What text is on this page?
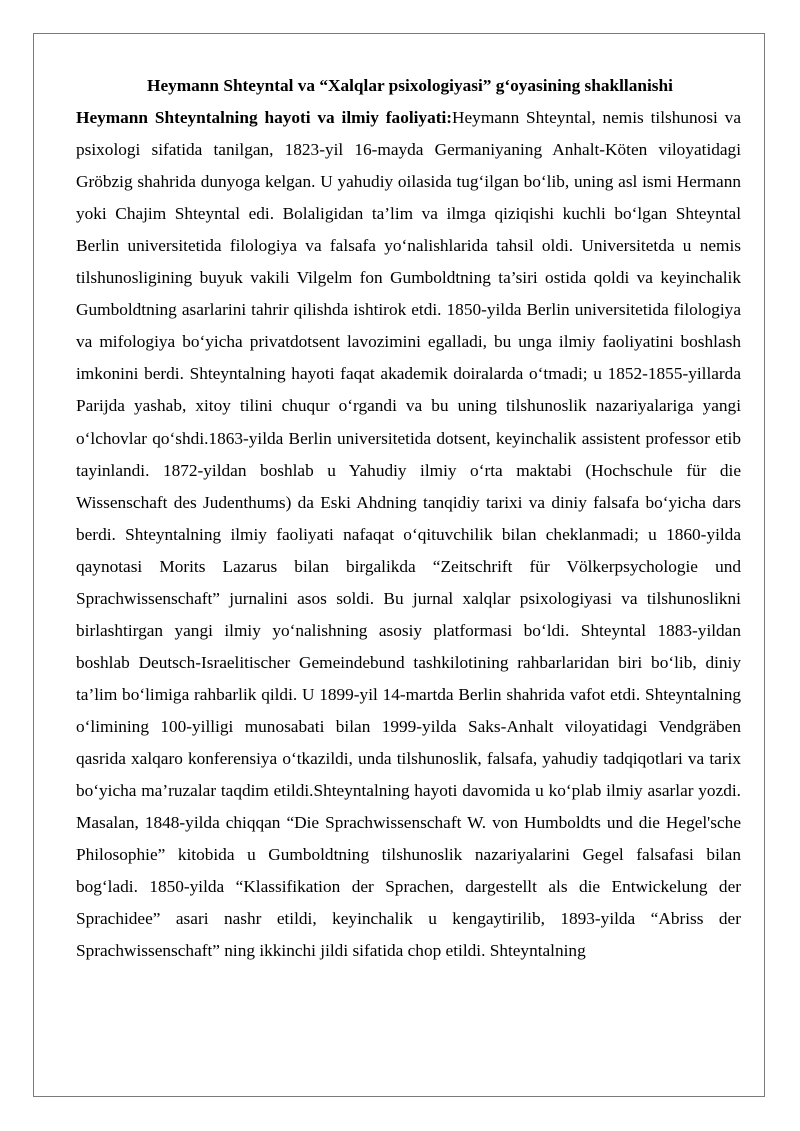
Heymann Shteyntal va “Xalqlar psixologiyasi” g‘oyasining shakllanishi

Heymann Shteyntalning hayoti va ilmiy faoliyati:Heymann Shteyntal, nemis tilshunosi va psixologi sifatida tanilgan, 1823-yil 16-mayda Germaniyaning Anhalt-Köten viloyatidagi Gröbzig shahrida dunyoga kelgan. U yahudiy oilasida tug‘ilgan bo‘lib, uning asl ismi Hermann yoki Chajim Shteyntal edi. Bolaligidan ta’lim va ilmga qiziqishi kuchli bo‘lgan Shteyntal Berlin universitetida filologiya va falsafa yo‘nalishlarida tahsil oldi. Universitetda u nemis tilshunosligining buyuk vakili Vilgelm fon Gumboldtning ta’siri ostida qoldi va keyinchalik Gumboldtning asarlarini tahrir qilishda ishtirok etdi. 1850-yilda Berlin universitetida filologiya va mifologiya bo‘yicha privatdotsent lavozimini egalladi, bu unga ilmiy faoliyatini boshlash imkonini berdi. Shteyntalning hayoti faqat akademik doiralarda o‘tmadi; u 1852-1855-yillarda Parijda yashab, xitoy tilini chuqur o‘rgandi va bu uning tilshunoslik nazariyalariga yangi o‘lchovlar qo‘shdi.1863-yilda Berlin universitetida dotsent, keyinchalik assistent professor etib tayinlandi. 1872-yildan boshlab u Yahudiy ilmiy o‘rta maktabi (Hochschule für die Wissenschaft des Judenthums) da Eski Ahdning tanqidiy tarixi va diniy falsafa bo‘yicha dars berdi. Shteyntalning ilmiy faoliyati nafaqat o‘qituvchilik bilan cheklanmadi; u 1860-yilda qaynotasi Morits Lazarus bilan birgalikda “Zeitschrift für Völkerpsychologie und Sprachwissenschaft” jurnalini asos soldi. Bu jurnal xalqlar psixologiyasi va tilshunoslikni birlashtirgan yangi ilmiy yo‘nalishning asosiy platformasi bo‘ldi. Shteyntal 1883-yildan boshlab Deutsch-Israelitischer Gemeindebund tashkilotining rahbarlaridan biri bo‘lib, diniy ta’lim bo‘limiga rahbarlik qildi. U 1899-yil 14-martda Berlin shahrida vafot etdi. Shteyntalning o‘limining 100-yilligi munosabati bilan 1999-yilda Saks-Anhalt viloyatidagi Vendgräben qasrida xalqaro konferensiya o‘tkazildi, unda tilshunoslik, falsafa, yahudiy tadqiqotlari va tarix bo‘yicha ma’ruzalar taqdim etildi.Shteyntalning hayoti davomida u ko‘plab ilmiy asarlar yozdi. Masalan, 1848-yilda chiqqan “Die Sprachwissenschaft W. von Humboldts und die Hegel'sche Philosophie” kitobida u Gumboldtning tilshunoslik nazariyalarini Gegel falsafasi bilan bog‘ladi. 1850-yilda “Klassifikation der Sprachen, dargestellt als die Entwickelung der Sprachidee” asari nashr etildi, keyinchalik u kengaytirilib, 1893-yilda “Abriss der Sprachwissenschaft” ning ikkinchi jildi sifatida chop etildi. Shteyntalning
